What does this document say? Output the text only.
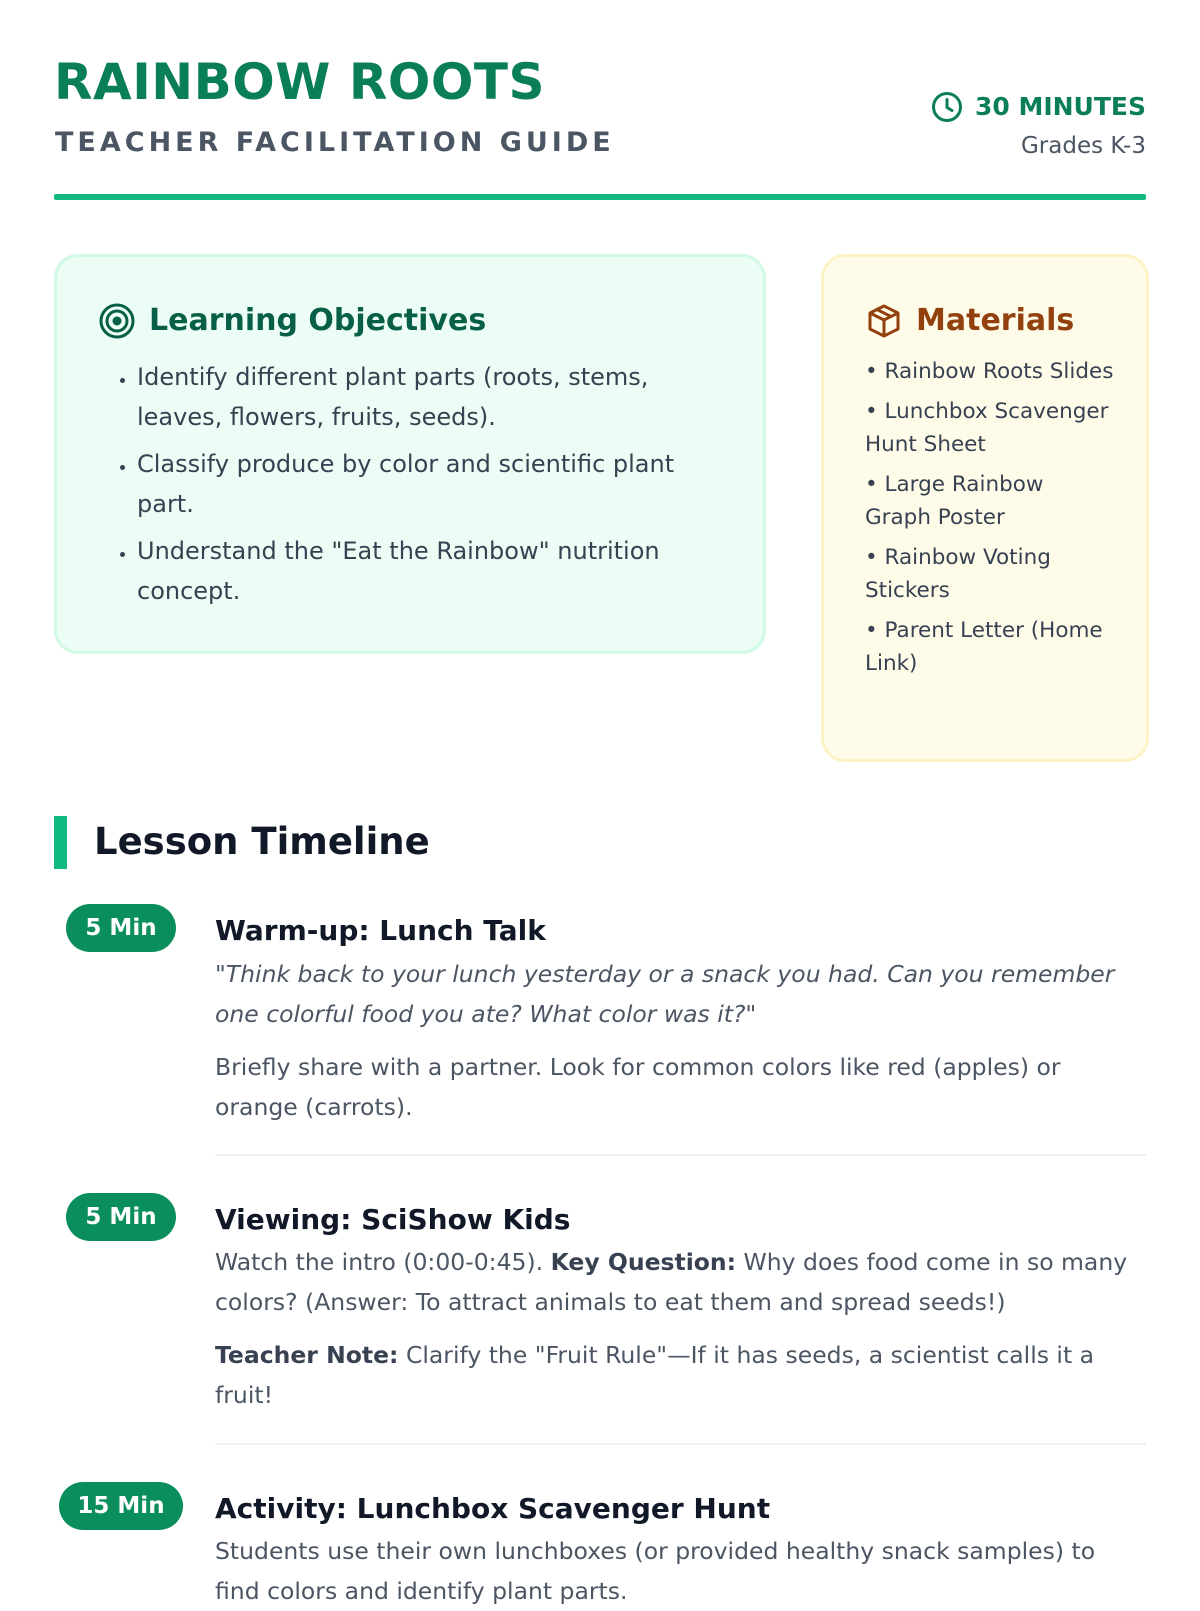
RAINBOW ROOTS
TEACHER FACILITATION GUIDE
30 MINUTES
Grades K-3
Learning Objectives
• Identify different plant parts (roots, stems, leaves, flowers, fruits, seeds).
• Classify produce by color and scientific plant part.
• Understand the "Eat the Rainbow" nutrition concept.
Materials
• Rainbow Roots Slides
• Lunchbox Scavenger Hunt Sheet
• Large Rainbow Graph Poster
• Rainbow Voting Stickers
• Parent Letter (Home Link)
Lesson Timeline
5 Min	Warm-up: Lunch Talk
"Think back to your lunch yesterday or a snack you had. Can you remember one colorful food you ate? What color was it?"
Briefly share with a partner. Look for common colors like red (apples) or orange (carrots).
5 Min	Viewing: SciShow Kids
Watch the intro (0:00-0:45). Key Question: Why does food come in so many colors? (Answer: To attract animals to eat them and spread seeds!)
Teacher Note: Clarify the "Fruit Rule"—If it has seeds, a scientist calls it a fruit!
15 Min	Activity: Lunchbox Scavenger Hunt
Students use their own lunchboxes (or provided healthy snack samples) to find colors and identify plant parts.
